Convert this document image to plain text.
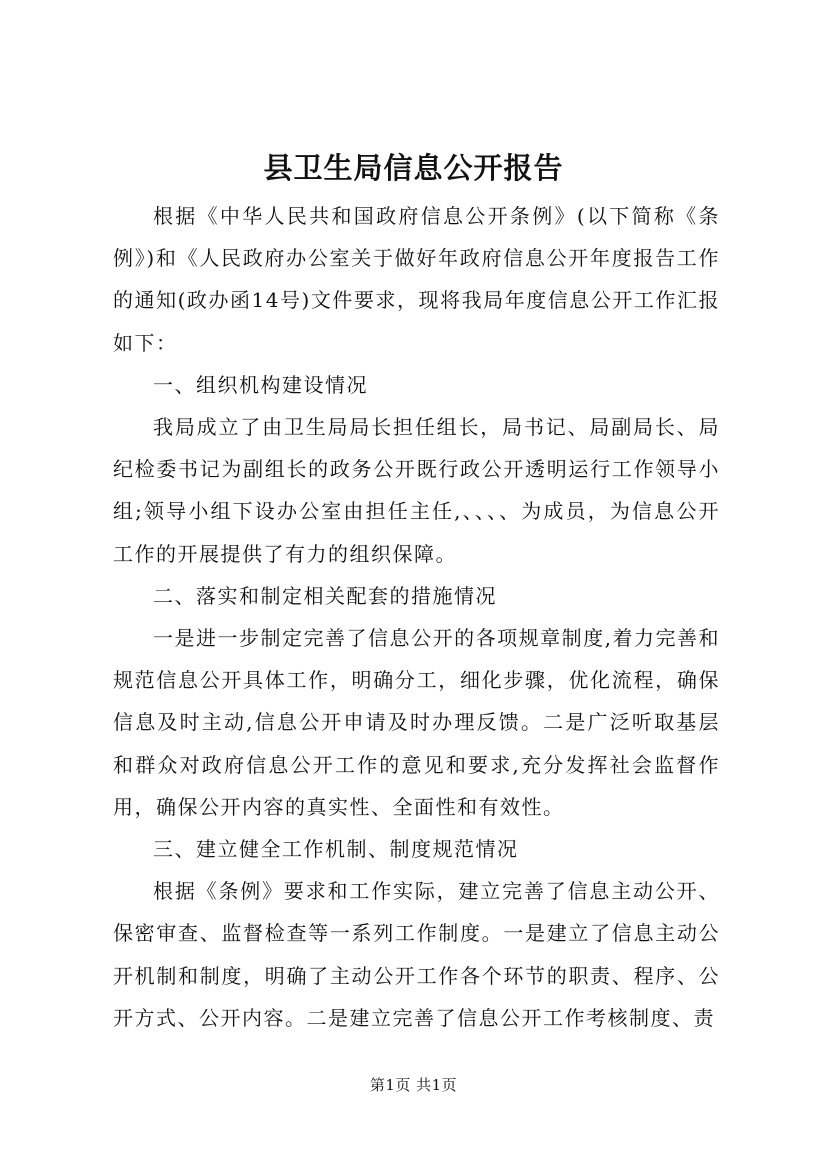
县卫生局信息公开报告

根据《中华人民共和国政府信息公开条例》(以下简称《条例》)和《人民政府办公室关于做好年政府信息公开年度报告工作的通知(政办函14号)文件要求，现将我局年度信息公开工作汇报如下：

一、组织机构建设情况

我局成立了由卫生局局长担任组长，局书记、局副局长、局纪检委书记为副组长的政务公开既行政公开透明运行工作领导小组;领导小组下设办公室由担任主任,、、、、为成员，为信息公开工作的开展提供了有力的组织保障。

二、落实和制定相关配套的措施情况

一是进一步制定完善了信息公开的各项规章制度,着力完善和规范信息公开具体工作，明确分工，细化步骤，优化流程，确保信息及时主动,信息公开申请及时办理反馈。二是广泛听取基层和群众对政府信息公开工作的意见和要求,充分发挥社会监督作用，确保公开内容的真实性、全面性和有效性。

三、建立健全工作机制、制度规范情况

根据《条例》要求和工作实际，建立完善了信息主动公开、保密审查、监督检查等一系列工作制度。一是建立了信息主动公开机制和制度，明确了主动公开工作各个环节的职责、程序、公开方式、公开内容。二是建立完善了信息公开工作考核制度、责

第1页 共1页
